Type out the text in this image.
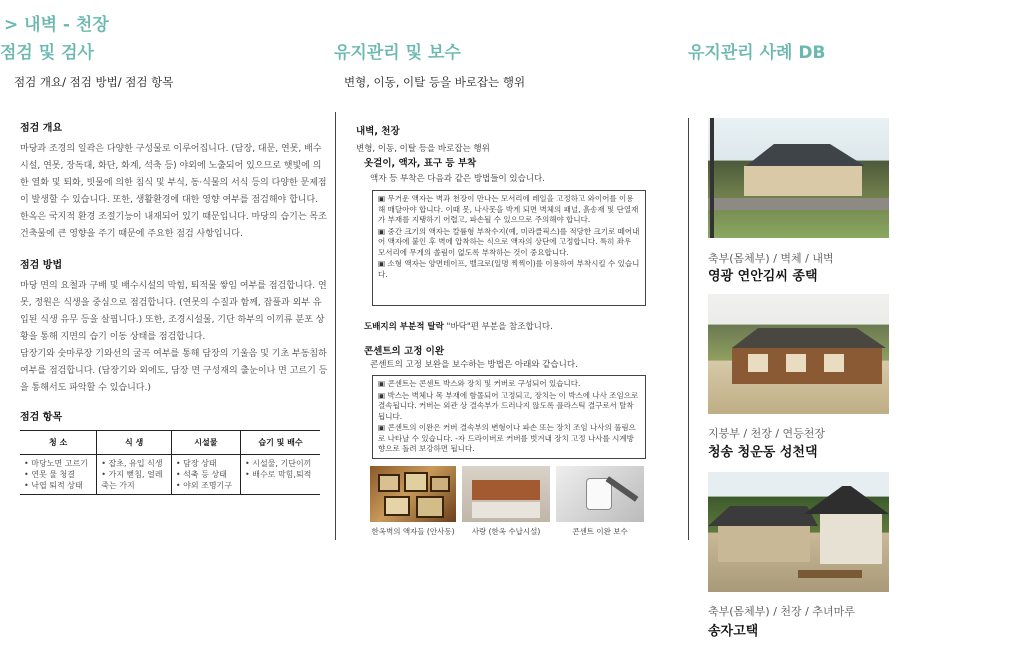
> 내벽 - 천장
점검 및 검사
점검 개요/ 점검 방법/ 점검 항목
유지관리 및 보수
변형, 이동, 이탈 등을 바로잡는 행위
유지관리 사례 DB
점검 개요

마당과 조경의 일곽은 다양한 구성물로 이루어집니다. (담장, 대문, 연못, 배수시설, 연못, 장독대, 화단, 화계, 석축 등) 야외에 노출되어 있으므로 햇빛에 의한 열화 및 퇴화, 빗물에 의한 침식 및 부식, 동·식물의 서식 등의 다양한 문제점이 발생할 수 있습니다. 또한, 생활환경에 대한 영향 여부를 점검해야 합니다. 한옥은 국지적 환경 조절기능이 내재되어 있기 때문입니다. 마당의 습기는 목조 건축물에 큰 영향을 주기 때문에 주요한 점검 사항입니다.

점검 방법

마당 면의 요철과 구배 및 배수시설의 막힘, 퇴적물 쌓임 여부를 점검합니다. 연못, 정원은 식생을 중심으로 점검합니다. (연못의 수질과 함께, 잡풀과 외부 유입된 식생 유무 등을 살핍니다.) 또한, 조경시설물, 기단 하부의 이끼류 분포 상황을 통해 지면의 습기 이동 상태를 점검합니다.

담장기와 숫마루장 기와선의 굴곡 여부를 통해 담장의 기울음 및 기초 부동침하 여부를 점검합니다. (담장기와 외에도, 담장 면 구성재의 출눈이나 면 고르기 등을 통해서도 파악할 수 있습니다.)

점검 항목
청 소	식 생	시설물	습기 및 배수
• 마당노면 고르기
• 연못 물 청결
• 낙엽 퇴적 상태	• 잡초, 유입 식생
• 가지 뻗침, 얼레
죽는 가지	• 담장 상태
• 석축 등 상태
• 야외 조명기구	• 시설물, 기단이끼
• 배수로 막힘,퇴적
내벽, 천장
변형, 이동, 이탈 등을 바로잡는 행위
옷걸이, 액자, 표구 등 부착
액자 등 부착은 다음과 같은 방법들이 있습니다.
▣ 무거운 액자는 벽과 천장이 만나는 모서리에 레일을 고정하고 와이어를 이용해 매달아야 합니다. 이때 못, 나사못을 박게 되면 벽체의 패널, 흙송재 및 단열재가 부재를 지탱하기 어렵고, 파손될 수 있으므로 주의해야 합니다.
▣ 중간 크기의 액자는 칼륨형 부착수지(예, 미라클픽스)를 적당한 크기로 떼어내어 액자에 붙인 후 벽에 압착하는 식으로 액자의 상단에 고정합니다. 특히 좌우 모서리에 무게의 쏠림이 없도록 부착하는 것이 중요합니다.
▣ 소형 액자는 양면테이프, 벨크로(일명 찍찍이)를 이용하여 부착시킬 수 있습니다.
도배지의 부분적 탈락 "바닥"편 부분을 참조합니다.
콘센트의 고정 이완
콘센트의 고정 보완을 보수하는 방법은 아래와 같습니다.
▣ 콘센트는 콘센트 박스와 장치 및 커버로 구성되어 있습니다.
▣ 박스는 벽체나 목 부재에 함몰되어 고정되고, 장치는 이 박스에 나사 조임으로 결속됩니다. 커버는 외관 상 결속부가 드러나지 않도록 플라스틱 결구로서 탈착 됩니다.
▣ 콘센트의 이완은 커버 결속부의 변형이나 파손 또는 장치 조임 나사의 풀림으로 나타날 수 있습니다. -자 드라이버로 커버를 벗겨내 장치 고정 나사를 시계방향으로 돌려 보강하면 됩니다.
한옥벽의 액자들 (안사동)	사랑 (한옥 수납시설)	콘센트 이완 보수
축부(몸체부) / 벽체 / 내벽
영광 연안김씨 종택
지붕부 / 천장 / 연등천장
청송 청운동 성천댁
축부(몸체부) / 천장 / 추녀마루
송자고택
